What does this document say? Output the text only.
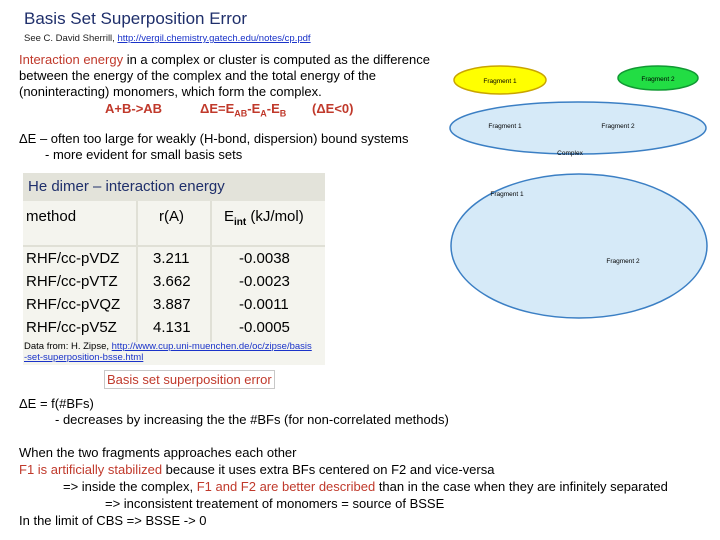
Basis Set Superposition Error
See C. David Sherrill, http://vergil.chemistry.gatech.edu/notes/cp.pdf
Interaction energy in a complex or cluster is computed as the difference between the energy of the complex and the total energy of the (noninteracting) monomers, which form the complex.
A+B->AB	$\Delta E=E_{AB}-E_A-E_B$ (ΔE<0)
ΔE – often too large for weakly (H-bond, dispersion) bound systems
- more evident for small basis sets
He dimer – interaction energy
method	r(A)	$E_{int}$ (kJ/mol)
RHF/cc-pVDZ 3.211	-0.0038
RHF/cc-pVTZ 3.662	-0.0023
RHF/cc-pVQZ 3.887	-0.0011
RHF/cc-pV5Z 4.131	-0.0005
Data from: H. Zipse, http://www.cup.uni-muenchen.de/oc/zipse/basis-set-superposition-bsse.html
Basis set superposition error
ΔE = f(#BFs)
- decreases by increasing the the #BFs (for non-correlated methods)
When the two fragments approaches each other
F1 is artificially stabilized because it uses extra BFs centered on F2 and vice-versa
=> inside the complex, F1 and F2 are better described than in the case when they are infinitely separated
=> inconsistent treatement of monomers = source of BSSE
In the limit of CBS => BSSE -> 0
Fragment 1	Fragment 2
Fragment 1	Fragment 2
Complex
Fragment 1
Fragment 2
